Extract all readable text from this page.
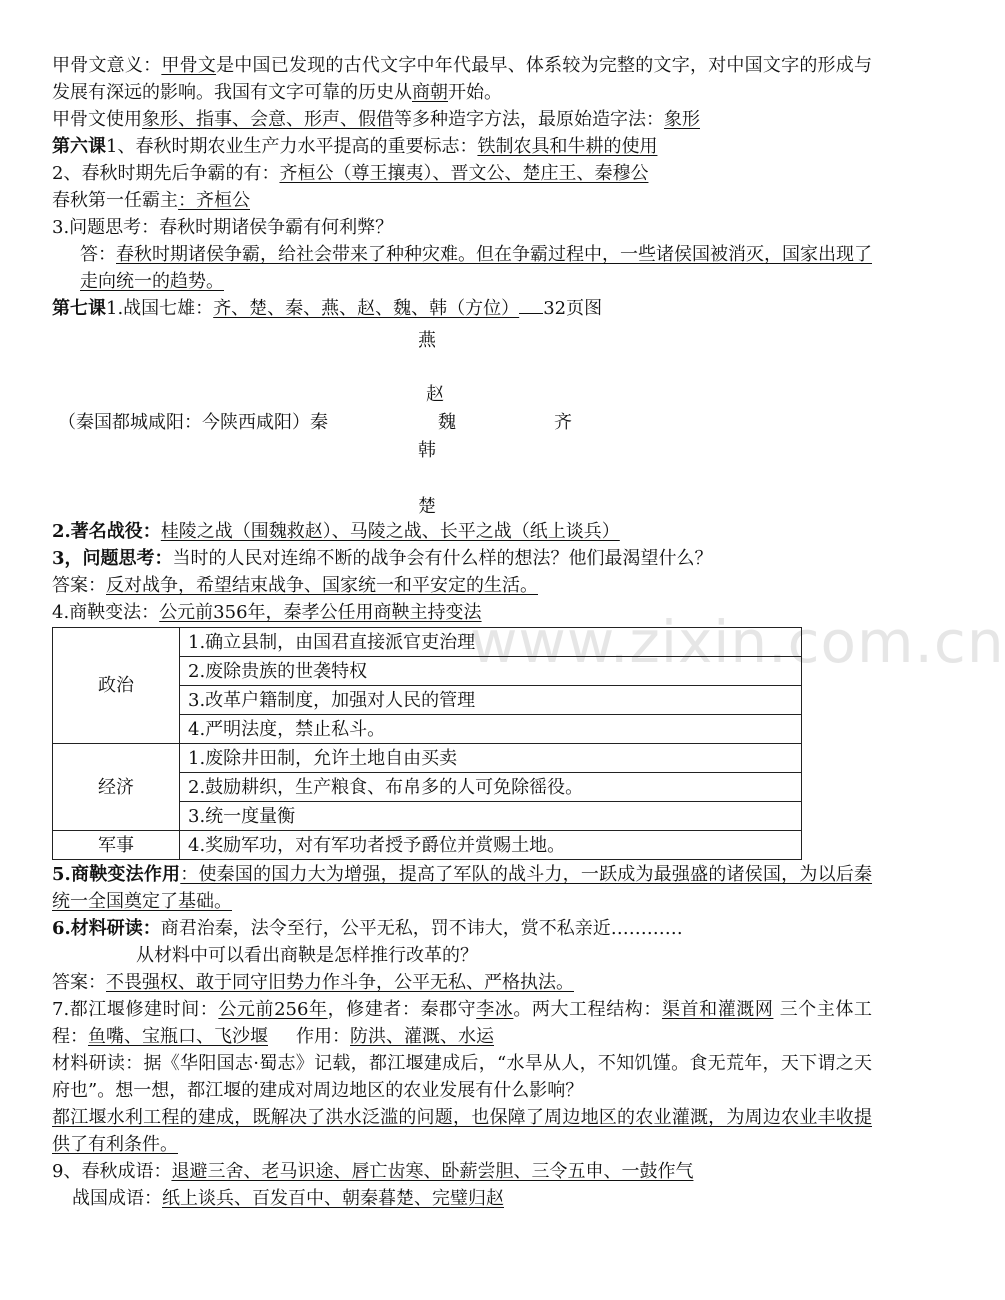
www.zixin.com.cn
甲骨文意义：甲骨文是中国已发现的古代文字中年代最早、体系较为完整的文字，对中国文字的形成与发展有深远的影响。我国有文字可靠的历史从商朝开始。
甲骨文使用象形、指事、会意、形声、假借等多种造字方法，最原始造字法：象形
第六课1、春秋时期农业生产力水平提高的重要标志：铁制农具和牛耕的使用
2、春秋时期先后争霸的有：齐桓公（尊王攘夷）、晋文公、楚庄王、秦穆公
春秋第一任霸主：齐桓公
3.问题思考：春秋时期诸侯争霸有何利弊？
答：春秋时期诸侯争霸，给社会带来了种种灾难。但在争霸过程中，一些诸侯国被消灭，国家出现了走向统一的趋势。
第七课1.战国七雄：齐、楚、秦、燕、赵、魏、韩（方位） 32页图
燕
赵
（秦国都城咸阳：今陕西咸阳）秦	魏	齐
韩
楚
2.著名战役：桂陵之战（围魏救赵）、马陵之战、长平之战（纸上谈兵）
3，问题思考：当时的人民对连绵不断的战争会有什么样的想法？他们最渴望什么？
答案：反对战争，希望结束战争、国家统一和平安定的生活。
4.商鞅变法：公元前356年，秦孝公任用商鞅主持变法
政治	1.确立县制，由国君直接派官吏治理
	2.废除贵族的世袭特权
	3.改革户籍制度，加强对人民的管理
	4.严明法度，禁止私斗。
经济	1.废除井田制，允许土地自由买卖
	2.鼓励耕织，生产粮食、布帛多的人可免除徭役。
	3.统一度量衡
军事	4.奖励军功，对有军功者授予爵位并赏赐土地。
5.商鞅变法作用：使秦国的国力大为增强，提高了军队的战斗力，一跃成为最强盛的诸侯国，为以后秦统一全国奠定了基础。
6.材料研读：商君治秦，法令至行，公平无私，罚不讳大，赏不私亲近…………
从材料中可以看出商鞅是怎样推行改革的？
答案：不畏强权、敢于同守旧势力作斗争，公平无私、严格执法。
7.都江堰修建时间：公元前256年，修建者：秦郡守李冰。两大工程结构：渠首和灌溉网 三个主体工程：鱼嘴、宝瓶口、飞沙堰 作用：防洪、灌溉、水运
材料研读：据《华阳国志·蜀志》记载，都江堰建成后，“水旱从人，不知饥馑。食无荒年，天下谓之天府也”。想一想，都江堰的建成对周边地区的农业发展有什么影响？
都江堰水利工程的建成，既解决了洪水泛滥的问题，也保障了周边地区的农业灌溉，为周边农业丰收提供了有利条件。
9、春秋成语：退避三舍、老马识途、唇亡齿寒、卧薪尝胆、三令五申、一鼓作气
战国成语：纸上谈兵、百发百中、朝秦暮楚、完璧归赵
